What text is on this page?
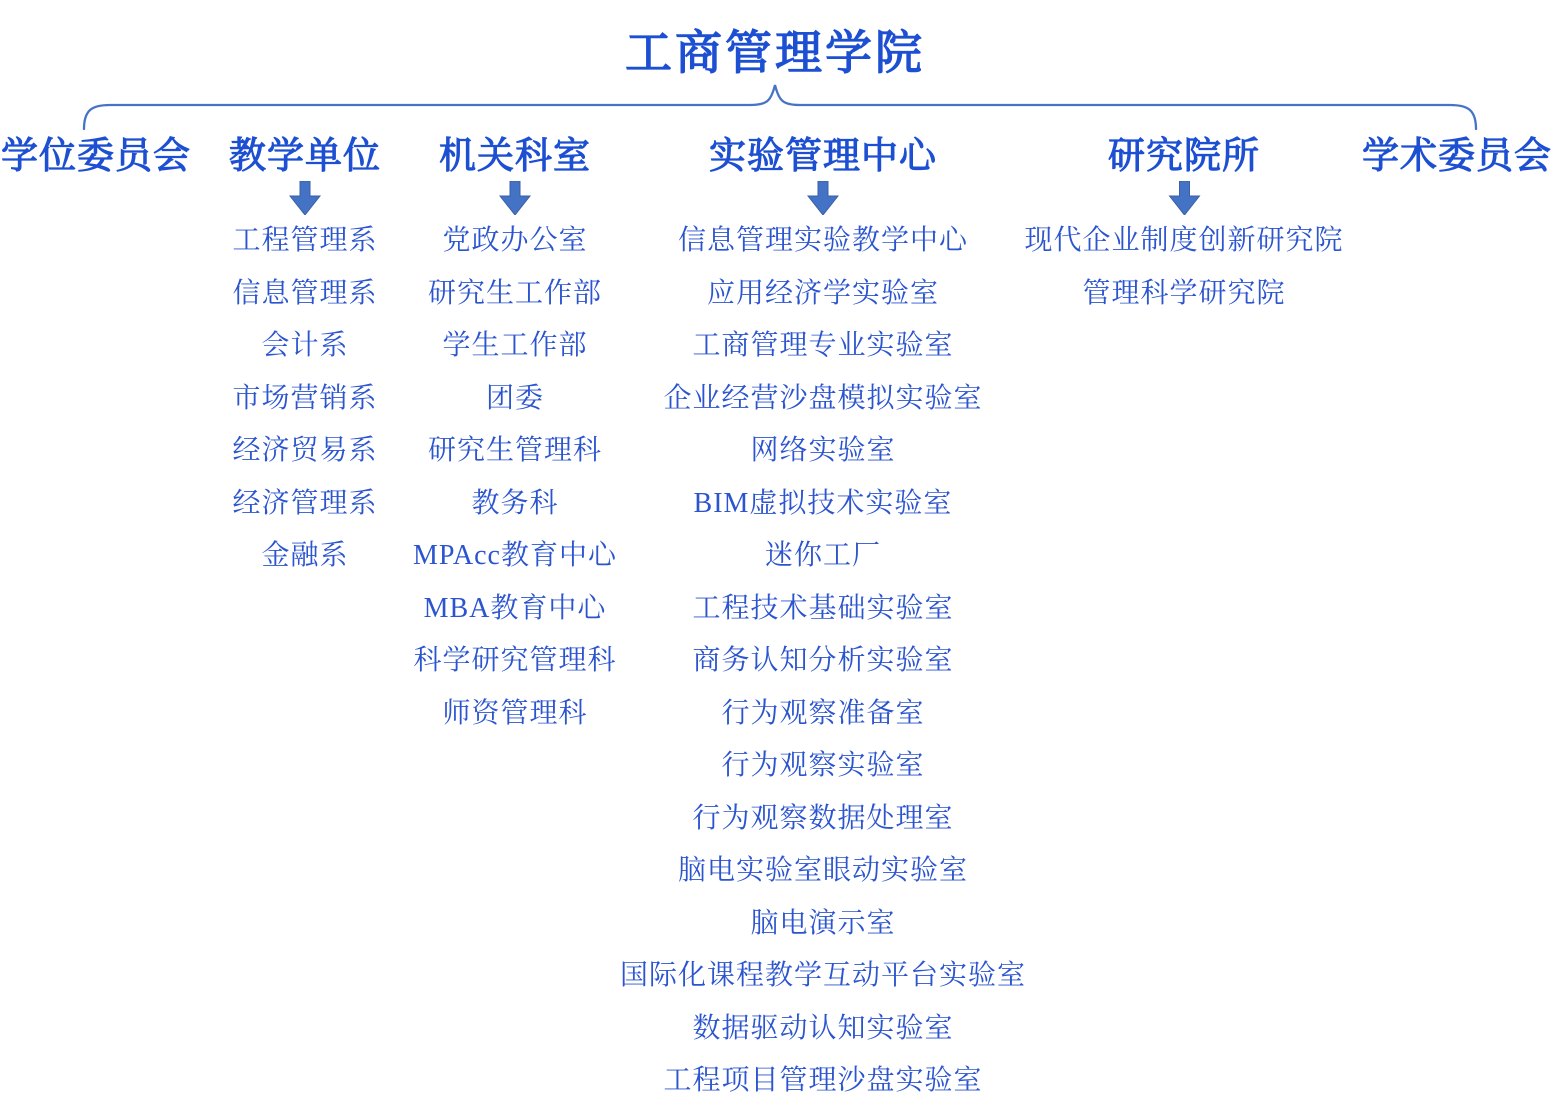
工商管理学院
学位委员会 教学单位
工程管理系
信息管理系
会计系
市场营销系
经济贸易系
经济管理系
金融系
机关科室
党政办公室
研究生工作部
学生工作部
团委
研究生管理科
教务科
MPAcc教育中心
MBA教育中心
科学研究管理科
师资管理科
实验管理中心
信息管理实验教学中心
应用经济学实验室
工商管理专业实验室
企业经营沙盘模拟实验室
网络实验室
BIM虚拟技术实验室
迷你工厂
工程技术基础实验室
商务认知分析实验室
行为观察准备室
行为观察实验室
行为观察数据处理室
脑电实验室眼动实验室
脑电演示室
国际化课程教学互动平台实验室
数据驱动认知实验室
工程项目管理沙盘实验室
研究院所
现代企业制度创新研究院
管理科学研究院
学术委员会
